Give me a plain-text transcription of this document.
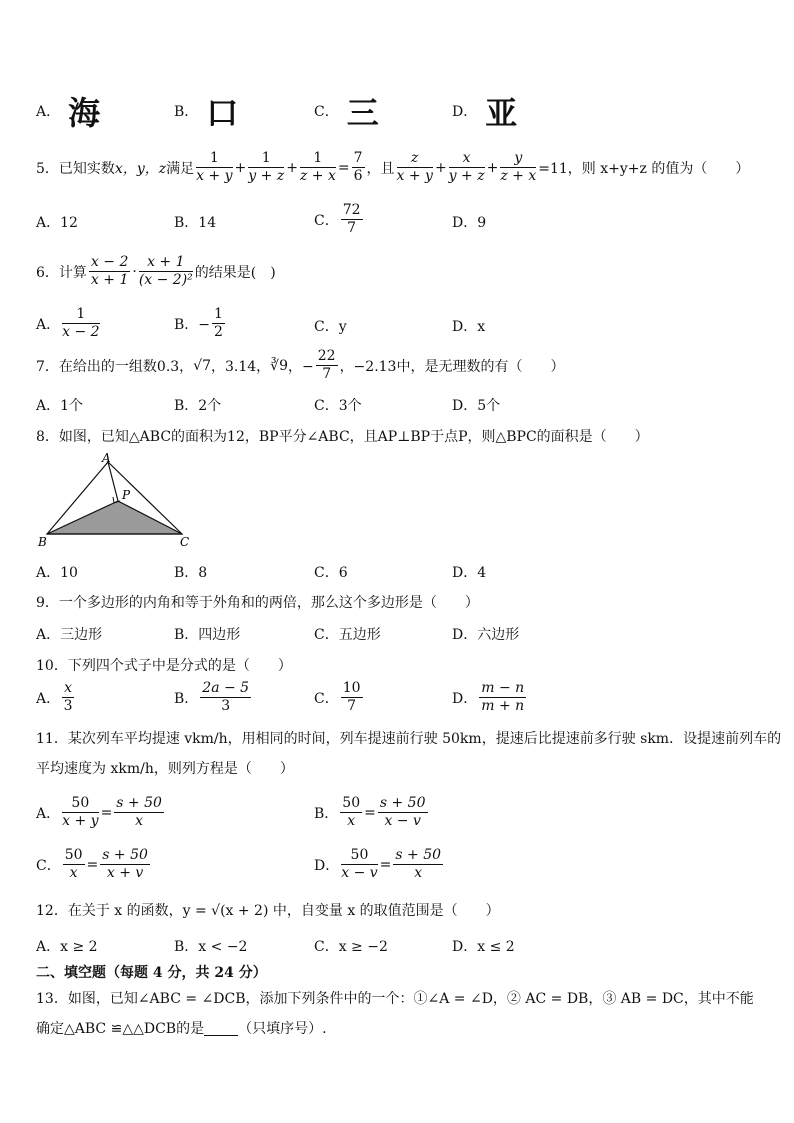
A． 海	B． 口	C． 三	D． 亚
5．已知实数 x，y，z 满足 $\frac{1}{x + y} + \frac{1}{y + z} + \frac{1}{z + x} = \frac{7}{6}$ ，且 $\frac{z}{x + y} + \frac{x}{y + z} + \frac{y}{z + x} =11$，则 x+y+z 的值为（　　）
A．12	B．14	C． $\frac{72}{7}$	D．9
6．计算 $\frac{x - 2}{x + 1} \cdot \frac{x + 1}{\text{(x − 2)²}}$ 的结果是(　)
A． $\frac{1}{x - 2}$	B．− $\frac{1}{2}$	C．y	D．x
7．在给出的一组数0.3， √7 ，3.14， ∛9 ，− $\frac{22}{7}$ ，−2.13中，是无理数的有（　　）
A．1个	B．2个	C．3个	D．5个
8．如图，已知△ABC的面积为12，BP平分∠ABC，且AP⊥BP于点P，则△BPC的面积是（　　）
A
B	C
P
A．10	B．8	C．6	D．4
9．一个多边形的内角和等于外角和的两倍，那么这个多边形是（　　）
A．三边形	B．四边形	C．五边形	D．六边形
10．下列四个式子中是分式的是（　　）
A． $\frac{x}{3}$	B． $\frac{2a - 5}{3}$	C． $\frac{10}{7}$	D． $\frac{m - n}{m + n}$
11．某次列车平均提速 vkm/h，用相同的时间，列车提速前行驶 50km，提速后比提速前多行驶 skm．设提速前列车的
平均速度为 xkm/h，则列方程是（　　）
A． $\frac{50}{x + y} = \frac{s + 50}{x}$	B． $\frac{50}{x} = \frac{s + 50}{x - v}$
C． $\frac{50}{x} = \frac{s + 50}{x + v}$	D． $\frac{50}{x - v} = \frac{s + 50}{x}$
12．在关于 x 的函数，y = √(x + 2) 中，自变量 x 的取值范围是（　　）
A．x ≥ 2	B．x < −2	C．x ≥ −2	D．x ≤ 2
二、填空题（每题 4 分，共 24 分）
13．如图，已知∠ABC = ∠DCB，添加下列条件中的一个：①∠A = ∠D，② AC = DB，③ AB = DC，其中不能
确定△ABC ≌△△DCB的是 （只填序号）.
